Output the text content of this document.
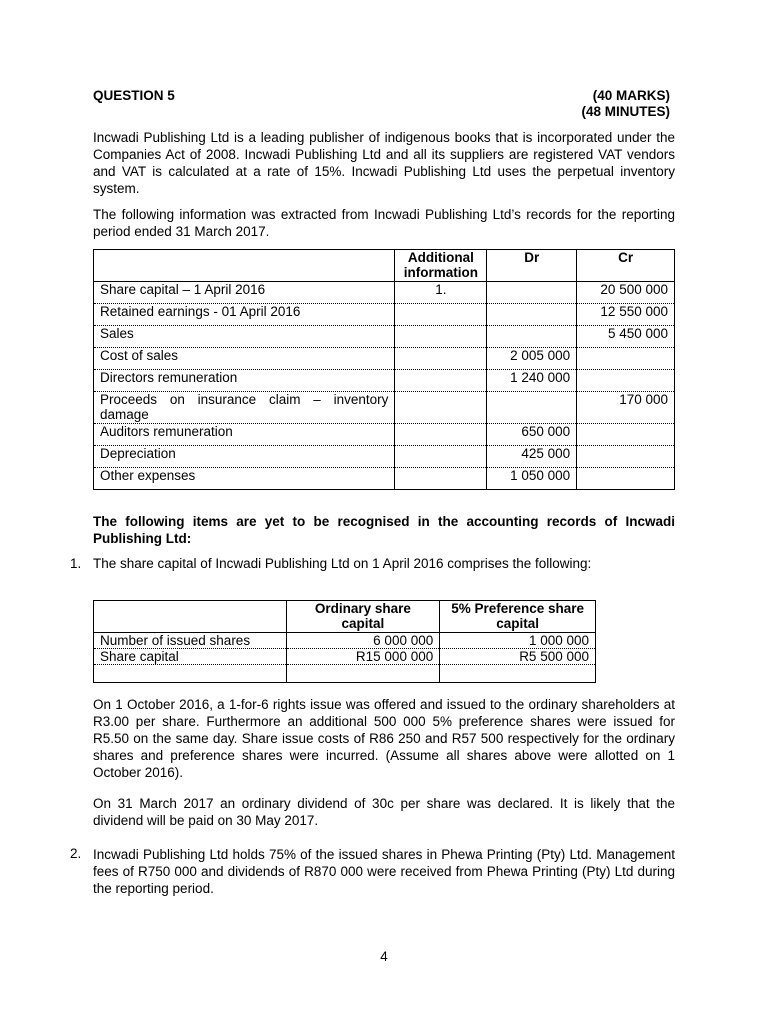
QUESTION 5	(40 MARKS)
(48 MINUTES)
Incwadi Publishing Ltd is a leading publisher of indigenous books that is incorporated under the Companies Act of 2008. Incwadi Publishing Ltd and all its suppliers are registered VAT vendors and VAT is calculated at a rate of 15%. Incwadi Publishing Ltd uses the perpetual inventory system.
The following information was extracted from Incwadi Publishing Ltd’s records for the reporting period ended 31 March 2017.
	Additional information	Dr	Cr
Share capital – 1 April 2016	1.		20 500 000
Retained earnings - 01 April 2016			12 550 000
Sales			5 450 000
Cost of sales		2 005 000	
Directors remuneration		1 240 000	
Proceeds on insurance claim – inventory damage			170 000
Auditors remuneration		650 000	
Depreciation		425 000	
Other expenses		1 050 000	
The following items are yet to be recognised in the accounting records of Incwadi Publishing Ltd:
1. The share capital of Incwadi Publishing Ltd on 1 April 2016 comprises the following:
	Ordinary share capital	5% Preference share capital
Number of issued shares	6 000 000	1 000 000
Share capital	R15 000 000	R5 500 000

On 1 October 2016, a 1-for-6 rights issue was offered and issued to the ordinary shareholders at R3.00 per share. Furthermore an additional 500 000 5% preference shares were issued for R5.50 on the same day. Share issue costs of R86 250 and R57 500 respectively for the ordinary shares and preference shares were incurred. (Assume all shares above were allotted on 1 October 2016).
On 31 March 2017 an ordinary dividend of 30c per share was declared. It is likely that the dividend will be paid on 30 May 2017.
2. Incwadi Publishing Ltd holds 75% of the issued shares in Phewa Printing (Pty) Ltd. Management fees of R750 000 and dividends of R870 000 were received from Phewa Printing (Pty) Ltd during the reporting period.
4
